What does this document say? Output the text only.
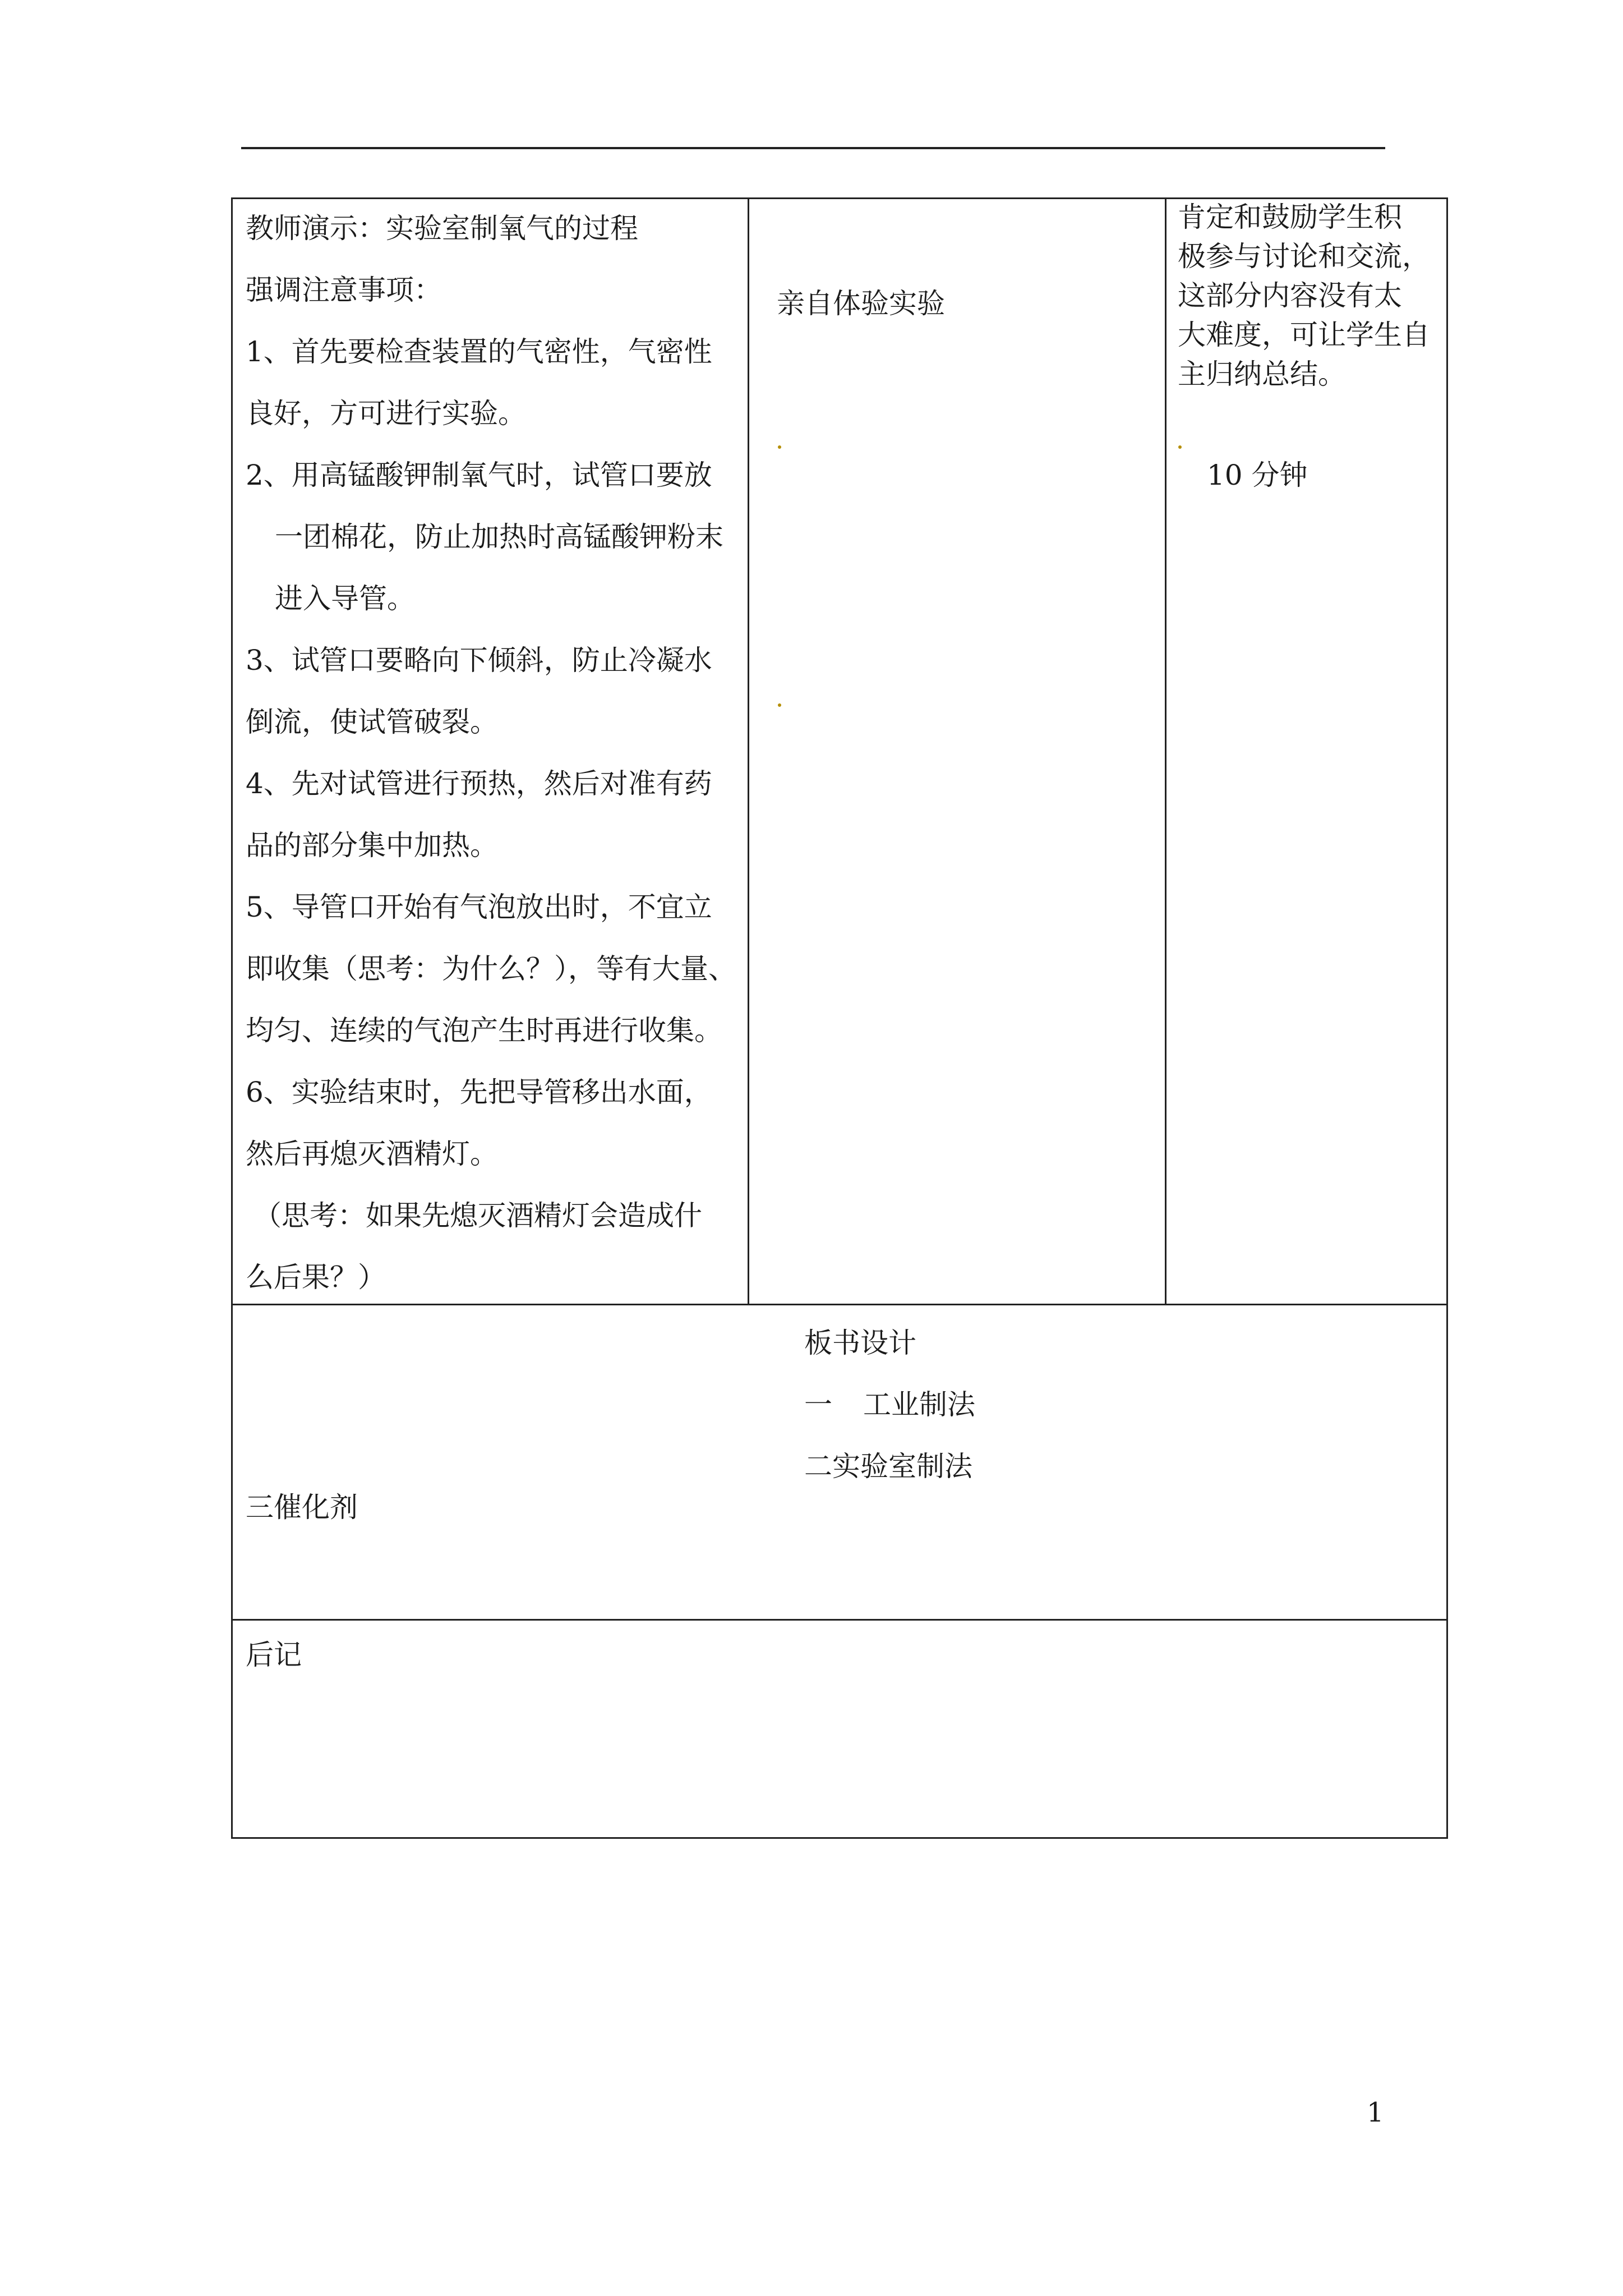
教师演示：实验室制氧气的过程
强调注意事项：
1、首先要检查装置的气密性，气密性
良好，方可进行实验。
2、用高锰酸钾制氧气时，试管口要放
一团棉花，防止加热时高锰酸钾粉末
进入导管。
3、试管口要略向下倾斜，防止冷凝水
倒流，使试管破裂。
4、先对试管进行预热，然后对准有药
品的部分集中加热。
5、导管口开始有气泡放出时，不宜立
即收集（思考：为什么？），等有大量、
均匀、连续的气泡产生时再进行收集。
6、实验结束时，先把导管移出水面，
然后再熄灭酒精灯。
（思考：如果先熄灭酒精灯会造成什
么后果？）
亲自体验实验
肯定和鼓励学生积
极参与讨论和交流，
这部分内容没有太
大难度，可让学生自
主归纳总结。
10 分钟
板书设计
一 工业制法
二实验室制法
三催化剂
后记
1
